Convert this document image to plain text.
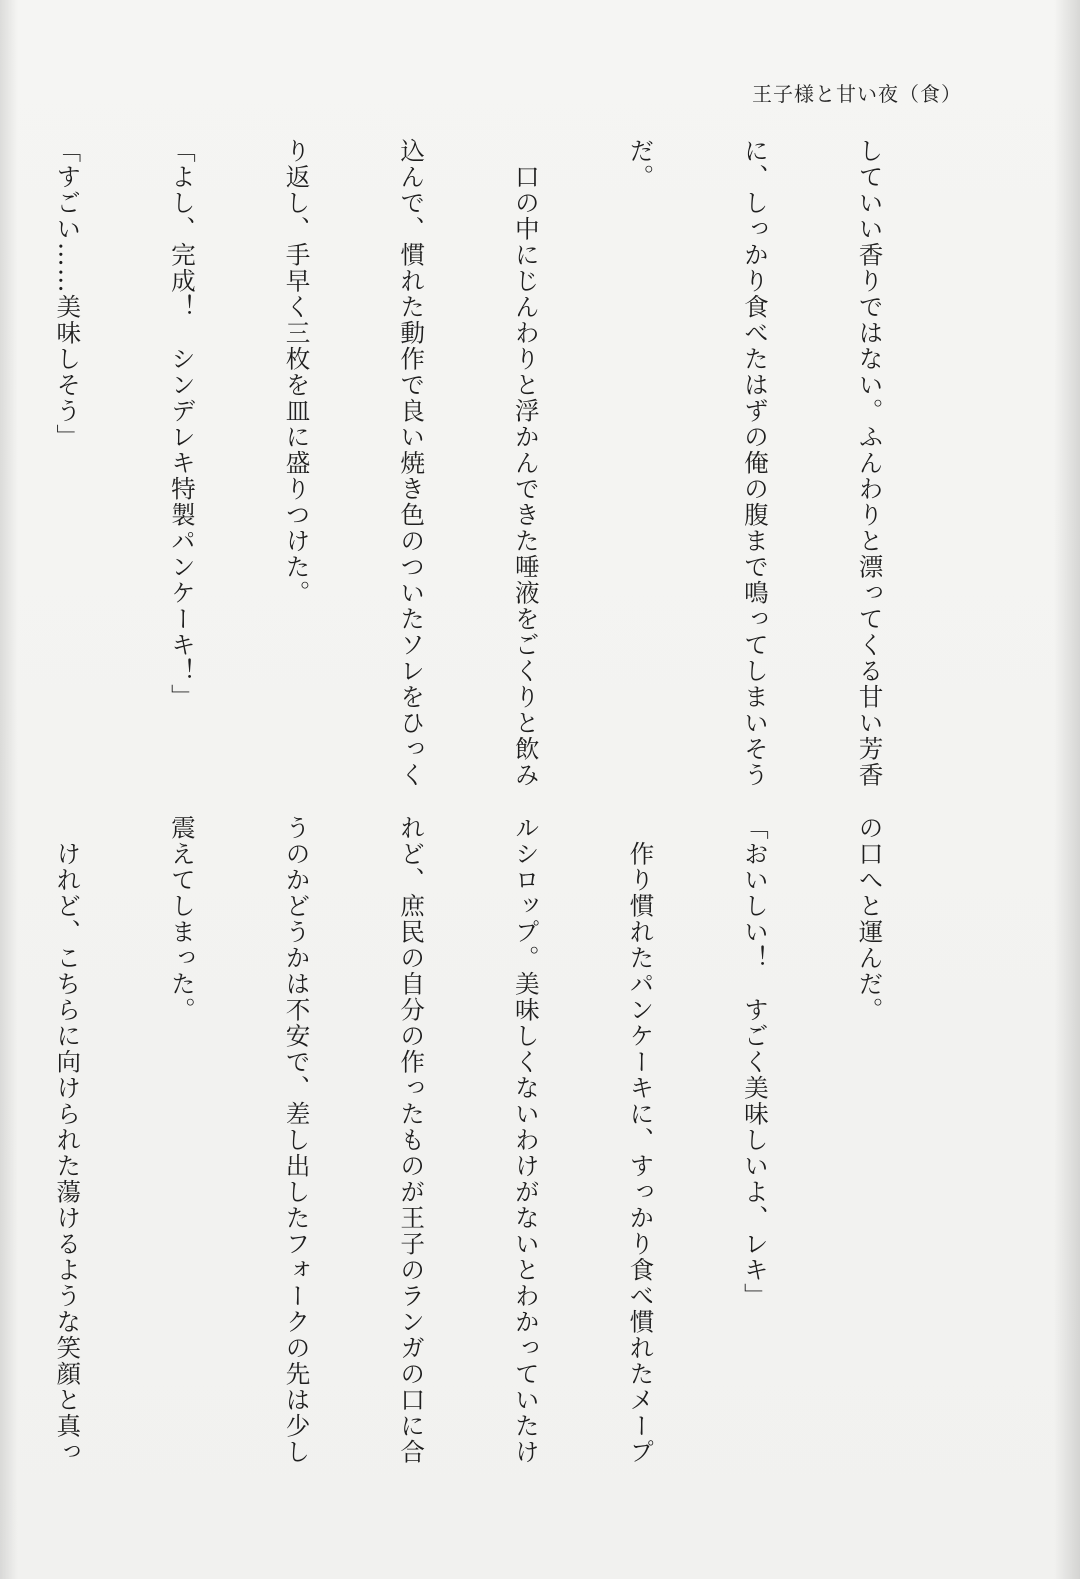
王子様と甘い夜（食）

していい香りではない。ふんわりと漂ってくる甘い芳香

に、しっかり食べたはずの俺の腹まで鳴ってしまいそう

だ。

　口の中にじんわりと浮かんできた唾液をごくりと飲み

込んで、慣れた動作で良い焼き色のついたソレをひっく

り返し、手早く三枚を皿に盛りつけた。

「よし、完成！　シンデレキ特製パンケーキ！」

「すごい……美味しそう」

の口へと運んだ。

「おいしい！　すごく美味しいよ、レキ」

　作り慣れたパンケーキに、すっかり食べ慣れたメープ

ルシロップ。美味しくないわけがないとわかっていたけ

れど、庶民の自分の作ったものが王子のランガの口に合

うのかどうかは不安で、差し出したフォークの先は少し

震えてしまった。

　けれど、こちらに向けられた蕩けるような笑顔と真っ
